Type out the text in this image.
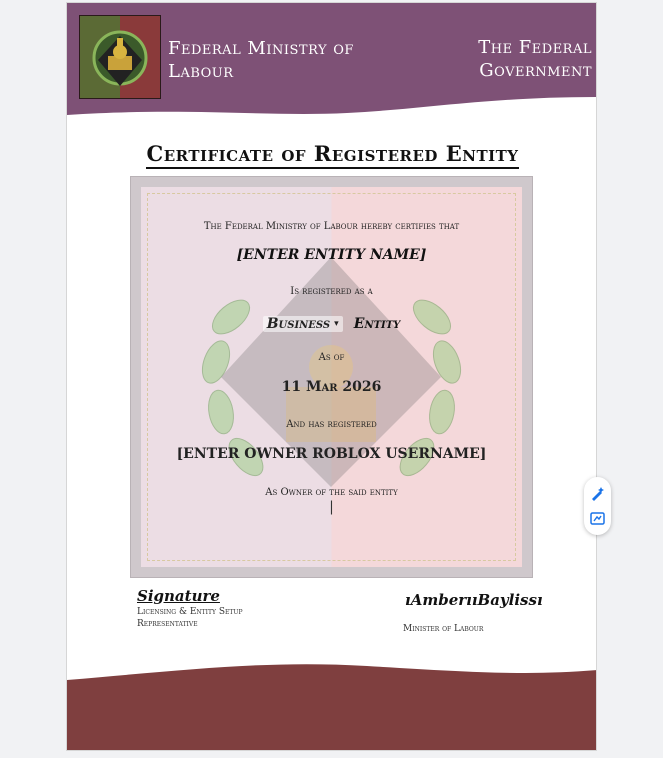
Federal Ministry of
Labour
The Federal
Government
Certificate of Registered Entity
The Federal Ministry of Labour hereby certifies that
[ENTER ENTITY NAME]
Is registered as a
Business ▾ Entity
As of
11 Mar 2026
And has registered
[ENTER OWNER ROBLOX USERNAME]
As Owner of the said entity
|
Signature
Licensing & Entity Setup
Representative
ıAmberııBaylissı
Minister of Labour
